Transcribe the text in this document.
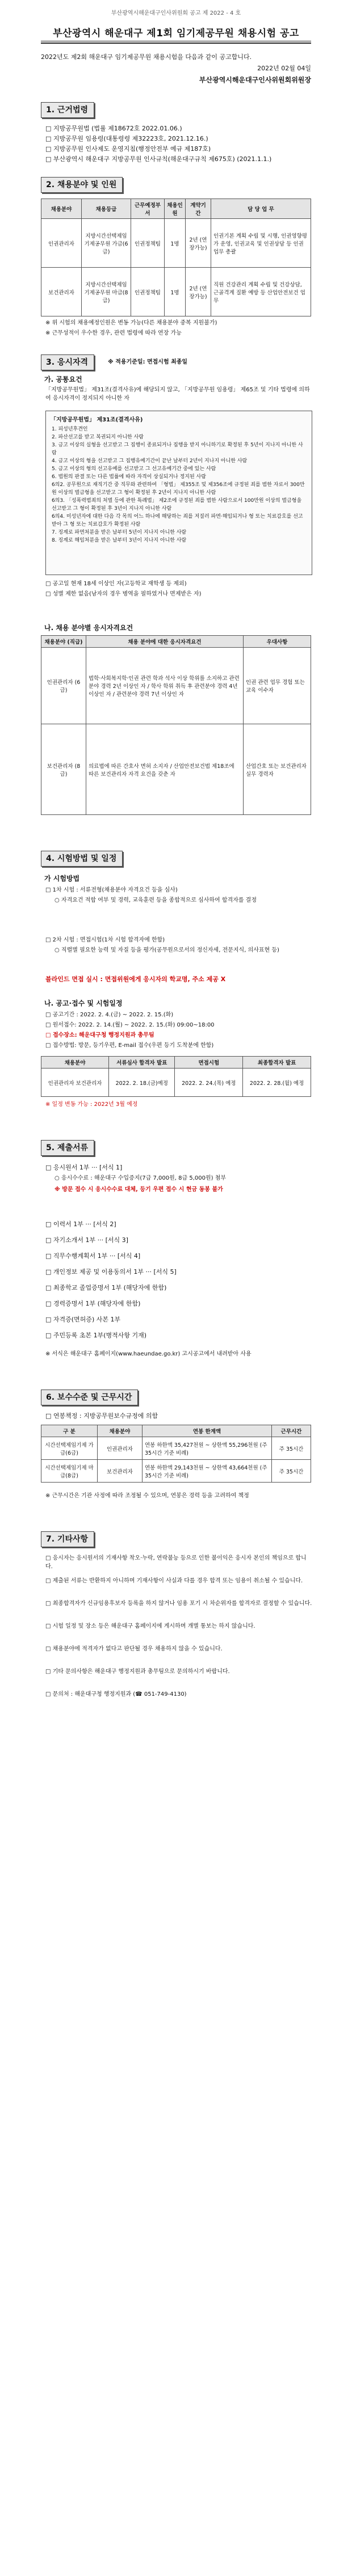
부산광역시해운대구인사위원회 공고 제 2022 - 4 호
부산광역시 해운대구 제1회 임기제공무원 채용시험 공고
2022년도 제2회 해운대구 임기제공무원 채용시험을 다음과 같이 공고합니다.
2022년 02월 04일
부산광역시해운대구인사위원회위원장
1. 근거법령
□ 지방공무원법 (법률 제18672호 2022.01.06.)
□ 지방공무원 임용령(대통령령 제32223호, 2021.12.16.)
□ 지방공무원 인사제도 운영지침(행정안전부 예규 제187호)
□ 부산광역시 해운대구 지방공무원 인사규칙(해운대구규칙 제675호) (2021.1.1.)
2. 채용분야 및 인원
채용분야	채용등급	근무예정부서	채용인원	계약기간	담 당 업 무
인권관리자	지방시간선택제임기제공무원 가급(6급)	인권정책팀	1명	2년 (연장가능)	인권기본 계획 수립 및 시행, 인권영향평가 운영, 인권교육 및 인권상담 등 인권 업무 총괄
보건관리자	지방시간선택제임기제공무원 마급(8급)	인권정책팀	1명	2년 (연장가능)	직원 건강관리 계획 수립 및 건강상담, 근골격계 질환 예방 등 산업안전보건 업무
※ 위 시험의 채용예정인원은 변동 가능(다른 채용분야 중복 지원불가)
※ 근무성적이 우수한 경우, 관련 법령에 따라 연장 가능
3. 응시자격	※ 적용기준일: 면접시험 최종일
가. 공통요건
「지방공무원법」 제31조(결격사유)에 해당되지 않고, 「지방공무원 임용령」 제65조 및 기타 법령에 의하여 응시자격이 정지되지 아니한 자
「지방공무원법」 제31조(결격사유)
1. 피성년후견인
2. 파산선고를 받고 복권되지 아니한 사람
3. 금고 이상의 실형을 선고받고 그 집행이 종료되거나 집행을 받지 아니하기로 확정된 후 5년이 지나지 아니한 사람
4. 금고 이상의 형을 선고받고 그 집행유예기간이 끝난 날부터 2년이 지나지 아니한 사람
5. 금고 이상의 형의 선고유예를 선고받고 그 선고유예기간 중에 있는 사람
6. 법원의 판결 또는 다른 법률에 따라 자격이 상실되거나 정지된 사람
6의2. 공무원으로 재직기간 중 직무와 관련하여 「형법」 제355조 및 제356조에 규정된 죄를 범한 자로서 300만원 이상의 벌금형을 선고받고 그 형이 확정된 후 2년이 지나지 아니한 사람
6의3. 「성폭력범죄의 처벌 등에 관한 특례법」 제2조에 규정된 죄를 범한 사람으로서 100만원 이상의 벌금형을 선고받고 그 형이 확정된 후 3년이 지나지 아니한 사람
6의4. 미성년자에 대한 다음 각 목의 어느 하나에 해당하는 죄를 저질러 파면·해임되거나 형 또는 치료감호를 선고받아 그 형 또는 치료감호가 확정된 사람
7. 징계로 파면처분을 받은 날부터 5년이 지나지 아니한 사람
8. 징계로 해임처분을 받은 날부터 3년이 지나지 아니한 사람
□ 공고일 현재 18세 이상인 자(고등학교 재학생 등 제외)
□ 성별 제한 없음(남자의 경우 병역을 필하였거나 면제받은 자)
나. 채용 분야별 응시자격요건
채용분야 (직급)	채용 분야에 대한 응시자격요건	우대사항
인권관리자 (6급)	법학·사회복지학·인권 관련 학과 석사 이상 학위를 소지하고 관련분야 경력 2년 이상인 자 / 학사 학위 취득 후 관련분야 경력 4년 이상인 자 / 관련분야 경력 7년 이상인 자	인권 관련 업무 경험 또는 교육 이수자
보건관리자 (8급)	의료법에 따른 간호사 면허 소지자 / 산업안전보건법 제18조에 따른 보건관리자 자격 요건을 갖춘 자	산업간호 또는 보건관리자 실무 경력자
4. 시험방법 및 일정
가 시험방법
□ 1차 시험 : 서류전형(채용분야 자격요건 등을 심사)
○ 자격요건 적합 여부 및 경력, 교육훈련 등을 종합적으로 심사하여 합격자를 결정
□ 2차 시험 : 면접시험(1차 시험 합격자에 한함)
○ 직렬별 필요한 능력 및 자질 등을 평가(공무원으로서의 정신자세, 전문지식, 의사표현 등)
블라인드 면접 실시 : 면접위원에게 응시자의 학교명, 주소 제공 X
나. 공고·접수 및 시험일정
□ 공고기간 : 2022. 2. 4.(금) ~ 2022. 2. 15.(화)
□ 원서접수: 2022. 2. 14.(월) ~ 2022. 2. 15.(화) 09:00~18:00
□ 접수장소: 해운대구청 행정지원과 총무팀
□ 접수방법: 방문, 등기우편, E-mail 접수(우편 등기 도착분에 한함)
채용분야	서류심사 합격자 발표	면접시험	최종합격자 발표
인권관리자 보건관리자	2022. 2. 18.(금)예정	2022. 2. 24.(목) 예정	2022. 2. 28.(월) 예정
※ 일정 변동 가능 : 2022년 3월 예정
5. 제출서류
□ 응시원서 1부 ··· [서식 1]
○ 응시수수료 : 해운대구 수입증지(7급 7,000원, 8급 5,000원) 첨부
※ 방문 접수 시 응시수수료 대체, 등기 우편 접수 시 현금 동봉 불가
□ 이력서 1부 ··· [서식 2]
□ 자기소개서 1부 ··· [서식 3]
□ 직무수행계획서 1부 ··· [서식 4]
□ 개인정보 제공 및 이용동의서 1부 ··· [서식 5]
□ 최종학교 졸업증명서 1부 (해당자에 한함)
□ 경력증명서 1부 (해당자에 한함)
□ 자격증(면허증) 사본 1부
□ 주민등록 초본 1부(병적사항 기재)
※ 서식은 해운대구 홈페이지(www.haeundae.go.kr) 고시공고에서 내려받아 사용
6. 보수수준 및 근무시간
□ 연봉책정 : 지방공무원보수규정에 의함
구 분	채용분야	연봉 한계액	근무시간
시간선택제임기제 가급(6급)	인권관리자	연봉 하한액 35,427천원 ~ 상한액 55,296천원 (주 35시간 기준 비례)	주 35시간
시간선택제임기제 마급(8급)	보건관리자	연봉 하한액 29,143천원 ~ 상한액 43,664천원 (주 35시간 기준 비례)	주 35시간
※ 근무시간은 기관 사정에 따라 조정될 수 있으며, 연봉은 경력 등을 고려하여 책정
7. 기타사항
□ 응시자는 응시원서의 기재사항 착오·누락, 연락불능 등으로 인한 불이익은 응시자 본인의 책임으로 합니다.
□ 제출된 서류는 반환하지 아니하며 기재사항이 사실과 다를 경우 합격 또는 임용이 취소될 수 있습니다.
□ 최종합격자가 신규임용후보자 등록을 하지 않거나 임용 포기 시 차순위자를 합격자로 결정할 수 있습니다.
□ 시험 일정 및 장소 등은 해운대구 홈페이지에 게시하며 개별 통보는 하지 않습니다.
□ 채용분야에 적격자가 없다고 판단될 경우 채용하지 않을 수 있습니다.
□ 기타 문의사항은 해운대구 행정지원과 총무팀으로 문의하시기 바랍니다.
□ 문의처 : 해운대구청 행정지원과 (☎ 051-749-4130)
